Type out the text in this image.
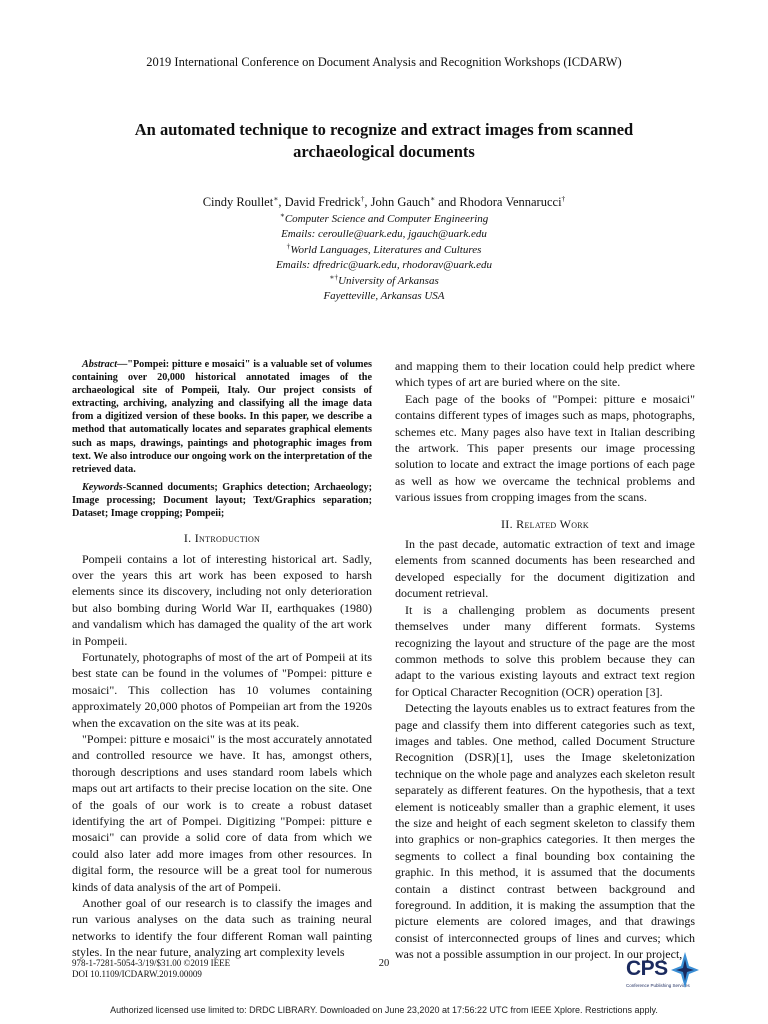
2019 International Conference on Document Analysis and Recognition Workshops (ICDARW)
An automated technique to recognize and extract images from scanned
archaeological documents
Cindy Roullet∗, David Fredrick†, John Gauch∗ and Rhodora Vennarucci†
∗Computer Science and Computer Engineering
Emails: ceroulle@uark.edu, jgauch@uark.edu
†World Languages, Literatures and Cultures
Emails: dfredric@uark.edu, rhodorav@uark.edu
∗†University of Arkansas
Fayetteville, Arkansas USA

Abstract—"Pompei: pitture e mosaici" is a valuable set of volumes containing over 20,000 historical annotated images of the archaeological site of Pompeii, Italy. Our project consists of extracting, archiving, analyzing and classifying all the image data from a digitized version of these books. In this paper, we describe a method that automatically locates and separates graphical elements such as maps, drawings, paintings and photographic images from text. We also introduce our ongoing work on the interpretation of the retrieved data.

Keywords-Scanned documents; Graphics detection; Archaeology; Image processing; Document layout; Text/Graphics separation; Dataset; Image cropping; Pompeii;

I. Introduction

Pompeii contains a lot of interesting historical art. Sadly, over the years this art work has been exposed to harsh elements since its discovery, including not only deterioration but also bombing during World War II, earthquakes (1980) and vandalism which has damaged the quality of the art work in Pompeii.

Fortunately, photographs of most of the art of Pompeii at its best state can be found in the volumes of "Pompei: pitture e mosaici". This collection has 10 volumes containing approximately 20,000 photos of Pompeiian art from the 1920s when the excavation on the site was at its peak.

"Pompei: pitture e mosaici" is the most accurately annotated and controlled resource we have. It has, amongst others, thorough descriptions and uses standard room labels which maps out art artifacts to their precise location on the site. One of the goals of our work is to create a robust dataset identifying the art of Pompei. Digitizing "Pompei: pitture e mosaici" can provide a solid core of data from which we could also later add more images from other resources. In digital form, the resource will be a great tool for numerous kinds of data analysis of the art of Pompeii.

Another goal of our research is to classify the images and run various analyses on the data such as training neural networks to identify the four different Roman wall painting styles. In the near future, analyzing art complexity levels

and mapping them to their location could help predict where which types of art are buried where on the site.

Each page of the books of "Pompei: pitture e mosaici" contains different types of images such as maps, photographs, schemes etc. Many pages also have text in Italian describing the artwork. This paper presents our image processing solution to locate and extract the image portions of each page as well as how we overcame the technical problems and various issues from cropping images from the scans.

II. Related Work

In the past decade, automatic extraction of text and image elements from scanned documents has been researched and developed especially for the document digitization and document retrieval.

It is a challenging problem as documents present themselves under many different formats. Systems recognizing the layout and structure of the page are the most common methods to solve this problem because they can adapt to the various existing layouts and extract text region for Optical Character Recognition (OCR) operation [3].

Detecting the layouts enables us to extract features from the page and classify them into different categories such as text, images and tables. One method, called Document Structure Recognition (DSR)[1], uses the Image skeletonization technique on the whole page and analyzes each skeleton result separately as different features. On the hypothesis, that a text element is noticeably smaller than a graphic element, it uses the size and height of each segment skeleton to classify them into graphics or non-graphics categories. It then merges the segments to collect a final bounding box containing the graphic. In this method, it is assumed that the documents contain a distinct contrast between background and foreground. In addition, it is making the assumption that the picture elements are colored images, and that drawings consist of interconnected groups of lines and curves; which was not a possible assumption in our project. In our project,

978-1-7281-5054-3/19/$31.00 ©2019 IEEE
DOI 10.1109/ICDARW.2019.00009
20	CPS
Conference Publishing Services
Authorized licensed use limited to: DRDC LIBRARY. Downloaded on June 23,2020 at 17:56:22 UTC from IEEE Xplore. Restrictions apply.
